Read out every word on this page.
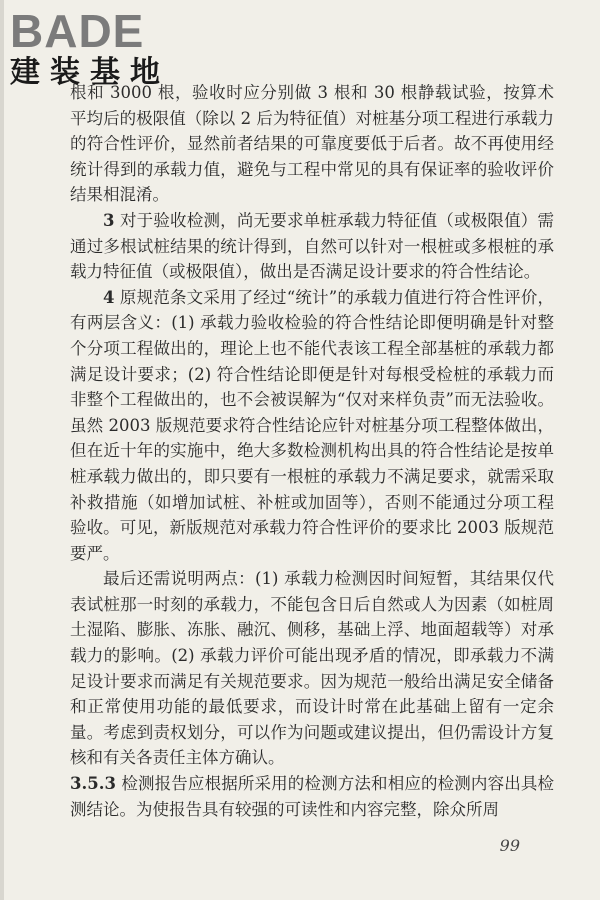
BADE
建装基地

根和 3000 根，验收时应分别做 3 根和 30 根静载试验，按算术平均后的极限值（除以 2 后为特征值）对桩基分项工程进行承载力的符合性评价，显然前者结果的可靠度要低于后者。故不再使用经统计得到的承载力值，避免与工程中常见的具有保证率的验收评价结果相混淆。

3 对于验收检测，尚无要求单桩承载力特征值（或极限值）需通过多根试桩结果的统计得到，自然可以针对一根桩或多根桩的承载力特征值（或极限值），做出是否满足设计要求的符合性结论。

4 原规范条文采用了经过“统计”的承载力值进行符合性评价，有两层含义：(1) 承载力验收检验的符合性结论即便明确是针对整个分项工程做出的，理论上也不能代表该工程全部基桩的承载力都满足设计要求；(2) 符合性结论即便是针对每根受检桩的承载力而非整个工程做出的，也不会被误解为“仅对来样负责”而无法验收。虽然 2003 版规范要求符合性结论应针对桩基分项工程整体做出，但在近十年的实施中，绝大多数检测机构出具的符合性结论是按单桩承载力做出的，即只要有一根桩的承载力不满足要求，就需采取补救措施（如增加试桩、补桩或加固等），否则不能通过分项工程验收。可见，新版规范对承载力符合性评价的要求比 2003 版规范要严。

最后还需说明两点：(1) 承载力检测因时间短暂，其结果仅代表试桩那一时刻的承载力，不能包含日后自然或人为因素（如桩周土湿陷、膨胀、冻胀、融沉、侧移，基础上浮、地面超载等）对承载力的影响。(2) 承载力评价可能出现矛盾的情况，即承载力不满足设计要求而满足有关规范要求。因为规范一般给出满足安全储备和正常使用功能的最低要求，而设计时常在此基础上留有一定余量。考虑到责权划分，可以作为问题或建议提出，但仍需设计方复核和有关各责任主体方确认。

3.5.3 检测报告应根据所采用的检测方法和相应的检测内容出具检测结论。为使报告具有较强的可读性和内容完整，除众所周

99
